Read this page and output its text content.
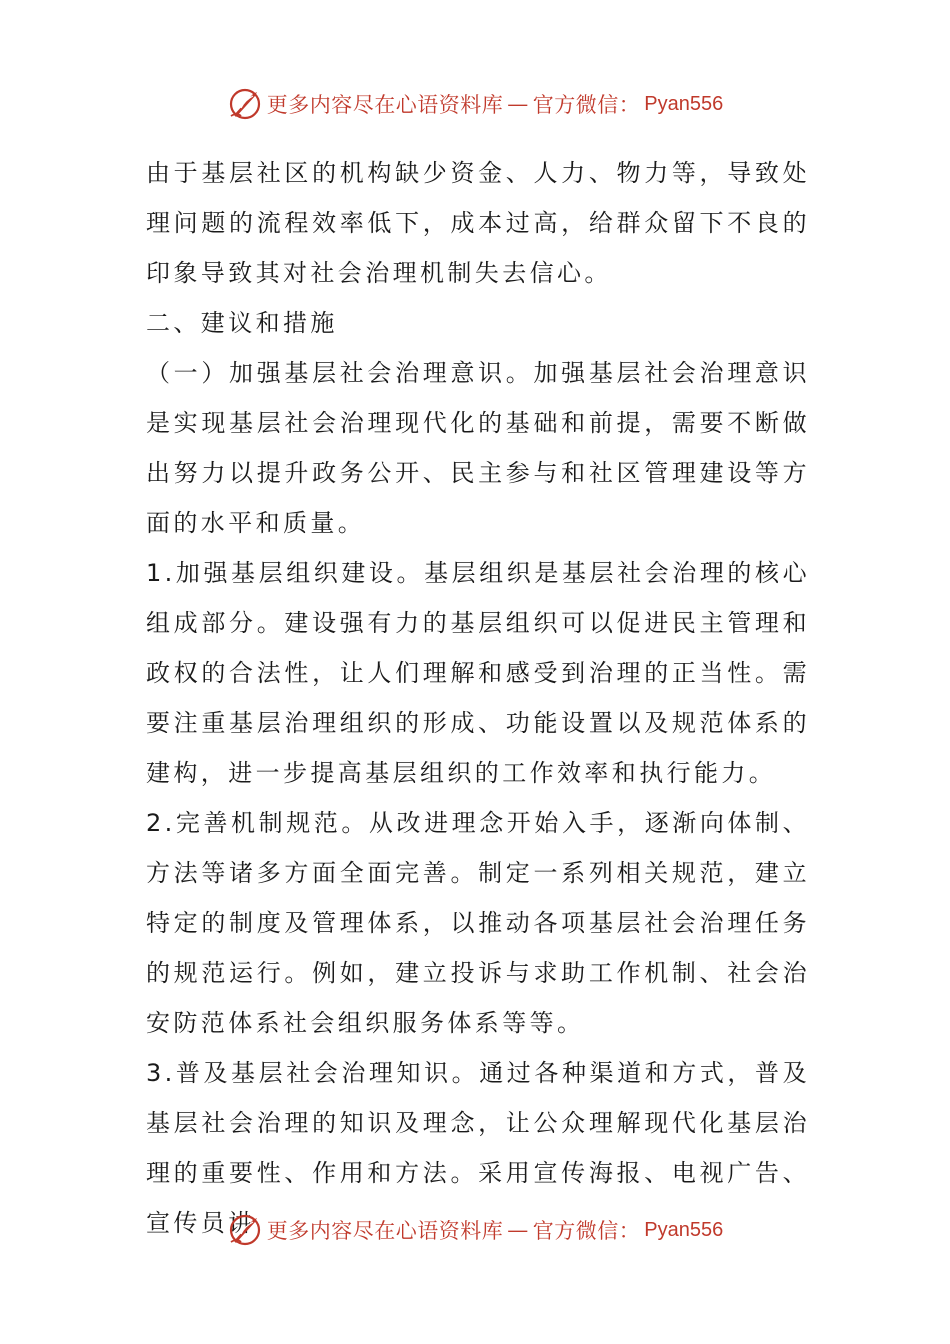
更多内容尽在心语资料库 — 官方微信： Pyan556

由于基层社区的机构缺少资金、人力、物力等，导致处理问题的流程效率低下，成本过高，给群众留下不良的印象导致其对社会治理机制失去信心。

二、建议和措施

（一）加强基层社会治理意识。加强基层社会治理意识是实现基层社会治理现代化的基础和前提，需要不断做出努力以提升政务公开、民主参与和社区管理建设等方面的水平和质量。

1.加强基层组织建设。基层组织是基层社会治理的核心组成部分。建设强有力的基层组织可以促进民主管理和政权的合法性，让人们理解和感受到治理的正当性。需要注重基层治理组织的形成、功能设置以及规范体系的建构，进一步提高基层组织的工作效率和执行能力。

2.完善机制规范。从改进理念开始入手，逐渐向体制、方法等诸多方面全面完善。制定一系列相关规范，建立特定的制度及管理体系，以推动各项基层社会治理任务的规范运行。例如，建立投诉与求助工作机制、社会治安防范体系社会组织服务体系等等。

3.普及基层社会治理知识。通过各种渠道和方式，普及基层社会治理的知识及理念，让公众理解现代化基层治理的重要性、作用和方法。采用宣传海报、电视广告、宣传员讲 更多内容尽在心语资料库 — 官方微信： Pyan556
